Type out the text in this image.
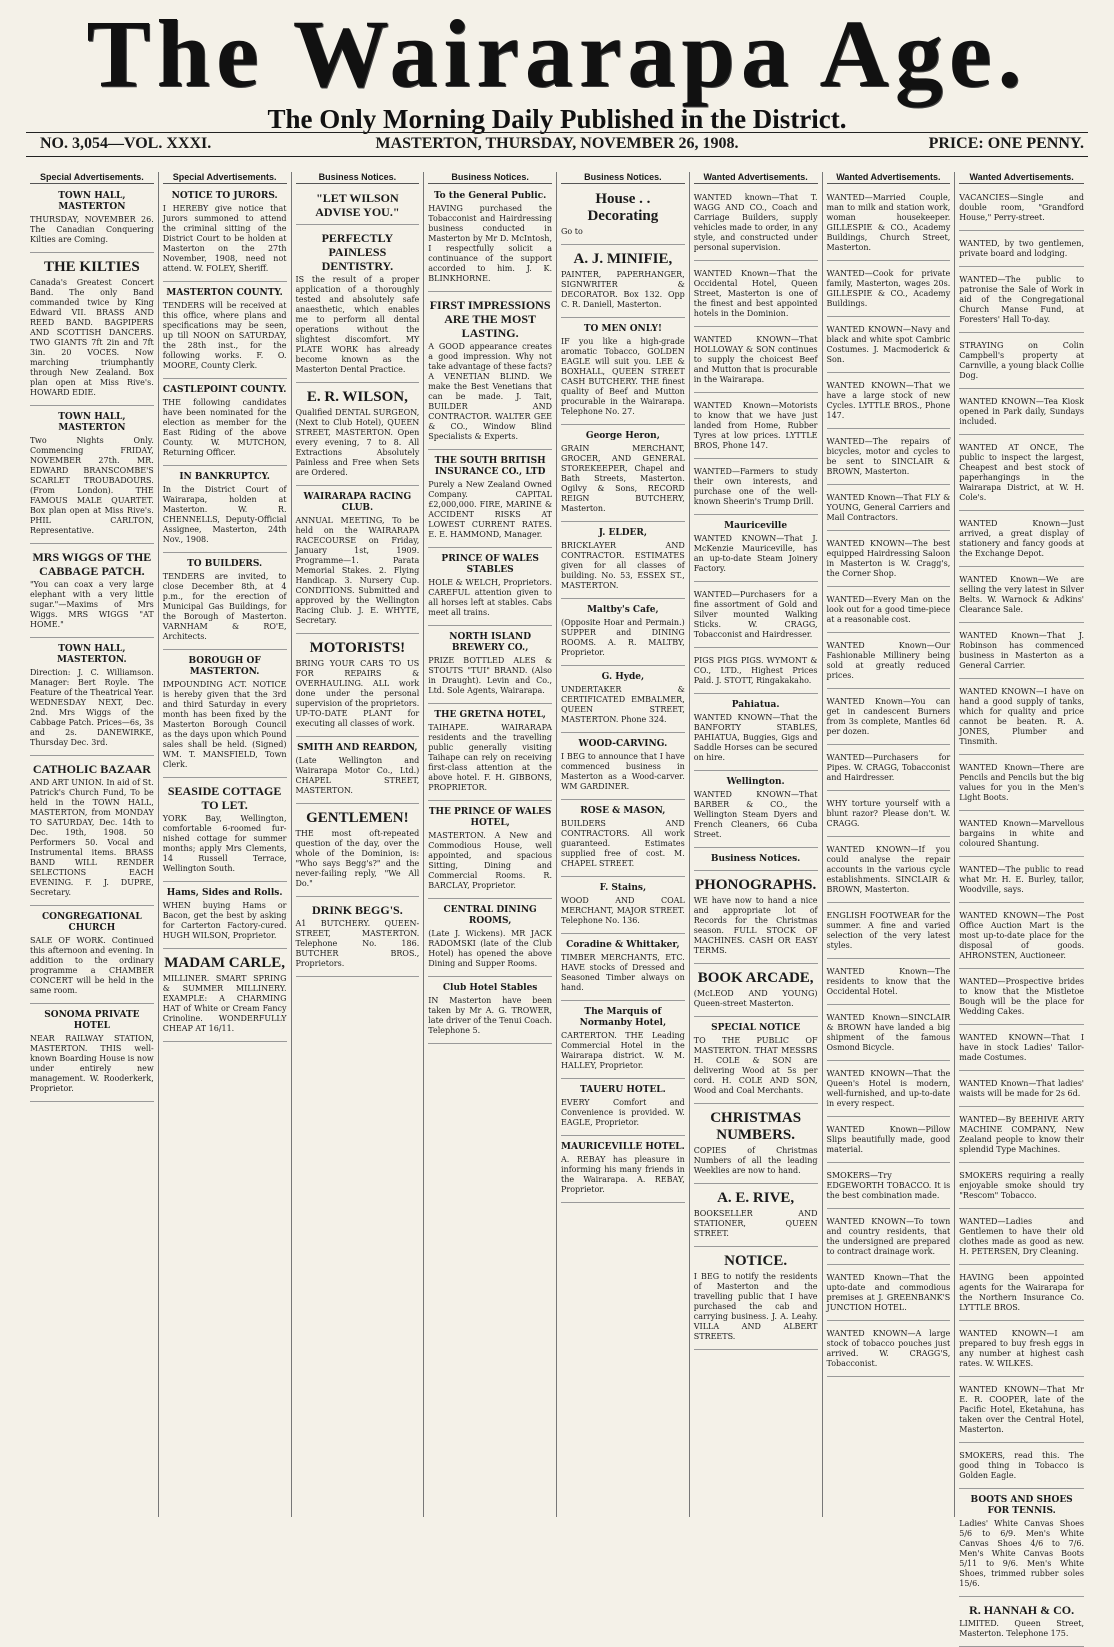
The Wairarapa Age.
The Only Morning Daily Published in the District.
NO. 3,054—VOL. XXXI.	MASTERTON, THURSDAY, NOVEMBER 26, 1908.	PRICE: ONE PENNY.
Special Advertisements.
TOWN HALL, MASTERTON

THURSDAY, NOVEMBER 26. The Canadian Conquering Kilties are Coming.

THE KILTIES

Canada's Greatest Concert Band. The only Band commanded twice by King Edward VII. BRASS AND REED BAND. BAGPIPERS AND SCOTTISH DANCERS. TWO GIANTS 7ft 2in and 7ft 3in. 20 VOCES. Now marching triumphantly through New Zealand. Box plan open at Miss Rive's. HOWARD EDIE.

TOWN HALL, MASTERTON

Two Nights Only. Commencing FRIDAY, NOVEMBER 27th. MR. EDWARD BRANSCOMBE'S SCARLET TROUBADOURS. (From London). THE FAMOUS MALE QUARTET. Box plan open at Miss Rive's. PHIL CARLTON, Representative.

MRS WIGGS OF THE CABBAGE PATCH.

"You can coax a very large elephant with a very little sugar."—Maxims of Mrs Wiggs. MRS WIGGS "AT HOME."

TOWN HALL, MASTERTON.

Direction: J. C. Williamson. Manager: Bert Royle. The Feature of the Theatrical Year. WEDNESDAY NEXT, Dec. 2nd. Mrs Wiggs of the Cabbage Patch. Prices—6s, 3s and 2s. DANEWIRKE, Thursday Dec. 3rd.

CATHOLIC BAZAAR

AND ART UNION. In aid of St. Patrick's Church Fund, To be held in the TOWN HALL, MASTERTON, from MONDAY TO SATURDAY, Dec. 14th to Dec. 19th, 1908. 50 Performers 50. Vocal and Instrumental items. BRASS BAND WILL RENDER SELECTIONS EACH EVENING. F. J. DUPRE, Secretary.

CONGREGATIONAL CHURCH

SALE OF WORK. Continued this afternoon and evening. In addition to the ordinary programme a CHAMBER CONCERT will be held in the same room.

SONOMA PRIVATE HOTEL

NEAR RAILWAY STATION, MASTERTON. THIS well-known Boarding House is now under entirely new management. W. Rooderkerk, Proprietor.

Special Advertisements.
NOTICE TO JURORS.

I HEREBY give notice that Jurors summoned to attend the criminal sitting of the District Court to be holden at Masterton on the 27th November, 1908, need not attend. W. FOLEY, Sheriff.

MASTERTON COUNTY.

TENDERS will be received at this office, where plans and specifications may be seen, up till NOON on SATURDAY, the 28th inst., for the following works. F. O. MOORE, County Clerk.

CASTLEPOINT COUNTY.

THE following candidates have been nominated for the election as member for the East Riding of the above County. W. MUTCHON, Returning Officer.

IN BANKRUPTCY.

In the District Court of Wairarapa, holden at Masterton. W. R. CHENNELLS, Deputy-Official Assignee, Masterton, 24th Nov., 1908.

TO BUILDERS.

TENDERS are invited, to close December 8th, at 4 p.m., for the erection of Municipal Gas Buildings, for the Borough of Masterton. VARNHAM & RO'E, Architects.

BOROUGH OF MASTERTON.

IMPOUNDING ACT. NOTICE is hereby given that the 3rd and third Saturday in every month has been fixed by the Masterton Borough Council as the days upon which Pound sales shall be held. (Signed) WM. T. MANSFIELD, Town Clerk.

SEASIDE COTTAGE TO LET.

YORK Bay, Wellington, comfortable 6-roomed fur-nished cottage for summer months; apply Mrs Clements, 14 Russell Terrace, Wellington South.

Hams, Sides and Rolls.

WHEN buying Hams or Bacon, get the best by asking for Carterton Factory-cured. HUGH WILSON, Proprietor.

MADAM CARLE,

MILLINER. SMART SPRING & SUMMER MILLINERY. EXAMPLE: A CHARMING HAT of White or Cream Fancy Crinoline. WONDERFULLY CHEAP AT 16/11.

Business Notices.
"LET WILSON ADVISE YOU."
PERFECTLY PAINLESS DENTISTRY.

IS the result of a proper application of a thoroughly tested and absolutely safe anaesthetic, which enables me to perform all dental operations without the slightest discomfort. MY PLATE WORK has already become known as the Masterton Dental Practice.

E. R. WILSON,

Qualified DENTAL SURGEON, (Next to Club Hotel), QUEEN STREET, MASTERTON. Open every evening, 7 to 8. All Extractions Absolutely Painless and Free when Sets are Ordered.

WAIRARAPA RACING CLUB.

ANNUAL MEETING, To be held on the WAIRARAPA RACECOURSE on Friday, January 1st, 1909. Programme—1. Parata Memorial Stakes. 2. Flying Handicap. 3. Nursery Cup. CONDITIONS. Submitted and approved by the Wellington Racing Club. J. E. WHYTE, Secretary.

MOTORISTS!

BRING YOUR CARS TO US FOR REPAIRS & OVERHAULING. ALL work done under the personal supervision of the proprietors. UP-TO-DATE PLANT for executing all classes of work.

SMITH AND REARDON,

(Late Wellington and Wairarapa Motor Co., Ltd.) CHAPEL STREET, MASTERTON.

GENTLEMEN!

THE most oft-repeated question of the day, over the whole of the Dominion, is: "Who says Begg's?" and the never-failing reply, "We All Do."

DRINK BEGG'S.

A1 BUTCHERY. QUEEN-STREET, MASTERTON. Telephone No. 186. BUTCHER BROS., Proprietors.

Business Notices.
To the General Public.

HAVING purchased the Tobacconist and Hairdressing business conducted in Masterton by Mr D. McIntosh, I respectfully solicit a continuance of the support accorded to him. J. K. BLINKHORNE.

FIRST IMPRESSIONS ARE THE MOST LASTING.

A GOOD appearance creates a good impression. Why not take advantage of these facts? A VENETIAN BLIND. We make the Best Venetians that can be made. J. Tait, BUILDER AND CONTRACTOR. WALTER GEE & CO., Window Blind Specialists & Experts.

THE SOUTH BRITISH INSURANCE CO., LTD

Purely a New Zealand Owned Company. CAPITAL £2,000,000. FIRE, MARINE & ACCIDENT RISKS AT LOWEST CURRENT RATES. E. E. HAMMOND, Manager.

PRINCE OF WALES STABLES

HOLE & WELCH, Proprietors. CAREFUL attention given to all horses left at stables. Cabs meet all trains.

NORTH ISLAND BREWERY CO.,

PRIZE BOTTLED ALES & STOUTS "TUI" BRAND. (Also in Draught). Levin and Co., Ltd. Sole Agents, Wairarapa.

THE GRETNA HOTEL,

TAIHAPE. WAIRARAPA residents and the travelling public generally visiting Taihape can rely on receiving first-class attention at the above hotel. F. H. GIBBONS, PROPRIETOR.

THE PRINCE OF WALES HOTEL,

MASTERTON. A New and Commodious House, well appointed, and spacious Sitting, Dining and Commercial Rooms. R. BARCLAY, Proprietor.

CENTRAL DINING ROOMS,

(Late J. Wickens). MR JACK RADOMSKI (late of the Club Hotel) has opened the above Dining and Supper Rooms.

Club Hotel Stables

IN Masterton have been taken by Mr A. G. TROWER, late driver of the Tenui Coach. Telephone 5.

Business Notices.
House . . Decorating

Go to

A. J. MINIFIE,

PAINTER, PAPERHANGER, SIGNWRITER & DECORATOR. Box 132. Opp C. R. Daniell, Masterton.

TO MEN ONLY!

IF you like a high-grade aromatic Tobacco, GOLDEN EAGLE will suit you. LEE & BOXHALL, QUEEN STREET CASH BUTCHERY. THE finest quality of Beef and Mutton procurable in the Wairarapa. Telephone No. 27.

George Heron,

GRAIN MERCHANT, GROCER, AND GENERAL STOREKEEPER, Chapel and Bath Streets, Masterton. Ogilvy & Sons, RECORD REIGN BUTCHERY, Masterton.

J. ELDER,

BRICKLAYER AND CONTRACTOR. ESTIMATES given for all classes of building. No. 53, ESSEX ST., MASTERTON.

Maltby's Cafe,

(Opposite Hoar and Permain.) SUPPER and DINING ROOMS. A. R. MALTBY, Proprietor.

G. Hyde,

UNDERTAKER & CERTIFICATED EMBALMER, QUEEN STREET, MASTERTON. Phone 324.

WOOD-CARVING.

I BEG to announce that I have commenced business in Masterton as a Wood-carver. WM GARDINER.

ROSE & MASON,

BUILDERS AND CONTRACTORS. All work guaranteed. Estimates supplied free of cost. M. CHAPEL STREET.

F. Stains,

WOOD AND COAL MERCHANT, MAJOR STREET. Telephone No. 136.

Coradine & Whittaker,

TIMBER MERCHANTS, ETC. HAVE stocks of Dressed and Seasoned Timber always on hand.

The Marquis of Normanby Hotel,

CARTERTON. THE Leading Commercial Hotel in the Wairarapa district. W. M. HALLEY, Proprietor.

TAUERU HOTEL.

EVERY Comfort and Convenience is provided. W. EAGLE, Proprietor.

MAURICEVILLE HOTEL.

A. REBAY has pleasure in informing his many friends in the Wairarapa. A. REBAY, Proprietor.

Wanted Advertisements.

WANTED known—That T. WAGG AND CO., Coach and Carriage Builders, supply vehicles made to order, in any style, and constructed under personal supervision.

WANTED Known—That the Occidental Hotel, Queen Street, Masterton is one of the finest and best appointed hotels in the Dominion.

WANTED KNOWN—That HOLLOWAY & SON continues to supply the choicest Beef and Mutton that is procurable in the Wairarapa.

WANTED Known—Motorists to know that we have just landed from Home, Rubber Tyres at low prices. LYTTLE BROS, Phone 147.

WANTED—Farmers to study their own interests, and purchase one of the well-known Sheerin's Trump Drill.

Mauriceville

WANTED KNOWN—That J. McKenzie Mauriceville, has an up-to-date Steam Joinery Factory.

WANTED—Purchasers for a fine assortment of Gold and Silver mounted Walking Sticks. W. CRAGG, Tobacconist and Hairdresser.

PIGS PIGS PIGS. WYMONT & CO., LTD., Highest Prices Paid. J. STOTT, Ringakakaho.

Pahiatua.

WANTED KNOWN—That the BANFORTY STABLES, PAHIATUA, Buggies, Gigs and Saddle Horses can be secured on hire.

Wellington.

WANTED KNOWN—That BARBER & CO., the Wellington Steam Dyers and French Cleaners, 66 Cuba Street.

Business Notices.
PHONOGRAPHS.

WE have now to hand a nice and appropriate lot of Records for the Christmas season. FULL STOCK OF MACHINES. CASH OR EASY TERMS.

BOOK ARCADE,

(McLEOD AND YOUNG) Queen-street Masterton.

SPECIAL NOTICE

TO THE PUBLIC OF MASTERTON. THAT MESSRS H. COLE & SON are delivering Wood at 5s per cord. H. COLE AND SON, Wood and Coal Merchants.

CHRISTMAS NUMBERS.

COPIES of Christmas Numbers of all the leading Weeklies are now to hand.

A. E. RIVE,

BOOKSELLER AND STATIONER, QUEEN STREET.

NOTICE.

I BEG to notify the residents of Masterton and the travelling public that I have purchased the cab and carrying business. J. A. Leahy. VILLA AND ALBERT STREETS.

Wanted Advertisements.

WANTED—Married Couple, man to milk and station work, woman housekeeper. GILLESPIE & CO., Academy Buildings, Church Street, Masterton.

WANTED—Cook for private family, Masterton, wages 20s. GILLESPIE & CO., Academy Buildings.

WANTED KNOWN—Navy and black and white spot Cambric Costumes. J. Macmoderick & Son.

WANTED KNOWN—That we have a large stock of new Cycles. LYTTLE BROS., Phone 147.

WANTED—The repairs of bicycles, motor and cycles to be sent to SINCLAIR & BROWN, Masterton.

WANTED Known—That FLY & YOUNG, General Carriers and Mail Contractors.

WANTED KNOWN—The best equipped Hairdressing Saloon in Masterton is W. Cragg's, the Corner Shop.

WANTED—Every Man on the look out for a good time-piece at a reasonable cost.

WANTED Known—Our Fashionable Millinery being sold at greatly reduced prices.

WANTED Known—You can get in candescent Burners from 3s complete, Mantles 6d per dozen.

WANTED—Purchasers for Pipes. W. CRAGG, Tobacconist and Hairdresser.

WHY torture yourself with a blunt razor? Please don't. W. CRAGG.

WANTED KNOWN—If you could analyse the repair accounts in the various cycle establishments. SINCLAIR & BROWN, Masterton.

ENGLISH FOOTWEAR for the summer. A fine and varied selection of the very latest styles.

WANTED Known—The residents to know that the Occidental Hotel.

WANTED Known—SINCLAIR & BROWN have landed a big shipment of the famous Osmond Bicycle.

WANTED KNOWN—That the Queen's Hotel is modern, well-furnished, and up-to-date in every respect.

WANTED Known—Pillow Slips beautifully made, good material.

SMOKERS—Try EDGEWORTH TOBACCO. It is the best combination made.

WANTED KNOWN—To town and country residents, that the undersigned are prepared to contract drainage work.

WANTED Known—That the upto-date and commodious premises at J. GREENBANK'S JUNCTION HOTEL.

WANTED KNOWN—A large stock of tobacco pouches just arrived. W. CRAGG'S, Tobacconist.

Wanted Advertisements.

VACANCIES—Single and double room, "Grandford House," Perry-street.

WANTED, by two gentlemen, private board and lodging.

WANTED—The public to patronise the Sale of Work in aid of the Congregational Church Manse Fund, at Foresters' Hall To-day.

STRAYING on Colin Campbell's property at Carnville, a young black Collie Dog.

WANTED KNOWN—Tea Kiosk opened in Park daily, Sundays included.

WANTED AT ONCE, The public to inspect the largest, Cheapest and best stock of paperhangings in the Wairarapa District, at W. H. Cole's.

WANTED Known—Just arrived, a great display of stationery and fancy goods at the Exchange Depot.

WANTED Known—We are selling the very latest in Silver Belts. W. Warnock & Adkins' Clearance Sale.

WANTED Known—That J. Robinson has commenced business in Masterton as a General Carrier.

WANTED KNOWN—I have on hand a good supply of tanks, which for quality and price cannot be beaten. R. A. JONES, Plumber and Tinsmith.

WANTED Known—There are Pencils and Pencils but the big values for you in the Men's Light Boots.

WANTED Known—Marvellous bargains in white and coloured Shantung.

WANTED—The public to read what Mr. H. E. Burley, tailor, Woodville, says.

WANTED KNOWN—The Post Office Auction Mart is the most up-to-date place for the disposal of goods. AHRONSTEN, Auctioneer.

WANTED—Prospective brides to know that the Mistletoe Bough will be the place for Wedding Cakes.

WANTED KNOWN—That I have in stock Ladies' Tailor-made Costumes.

WANTED Known—That ladies' waists will be made for 2s 6d.

WANTED—By BEEHIVE ARTY MACHINE COMPANY, New Zealand people to know their splendid Type Machines.

SMOKERS requiring a really enjoyable smoke should try "Rescom" Tobacco.

WANTED—Ladies and Gentlemen to have their old clothes made as good as new. H. PETERSEN, Dry Cleaning.

HAVING been appointed agents for the Wairarapa for the Northern Insurance Co. LYTTLE BROS.

WANTED KNOWN—I am prepared to buy fresh eggs in any number at highest cash rates. W. WILKES.

WANTED KNOWN—That Mr E. R. COOPER, late of the Pacific Hotel, Eketahuna, has taken over the Central Hotel, Masterton.

SMOKERS, read this. The good thing in Tobacco is Golden Eagle.

BOOTS AND SHOES FOR TENNIS.

Ladies' White Canvas Shoes 5/6 to 6/9. Men's White Canvas Shoes 4/6 to 7/6. Men's White Canvas Boots 5/11 to 9/6. Men's White Shoes, trimmed rubber soles 15/6.

R. HANNAH & CO.

LIMITED. Queen Street, Masterton. Telephone 175.
